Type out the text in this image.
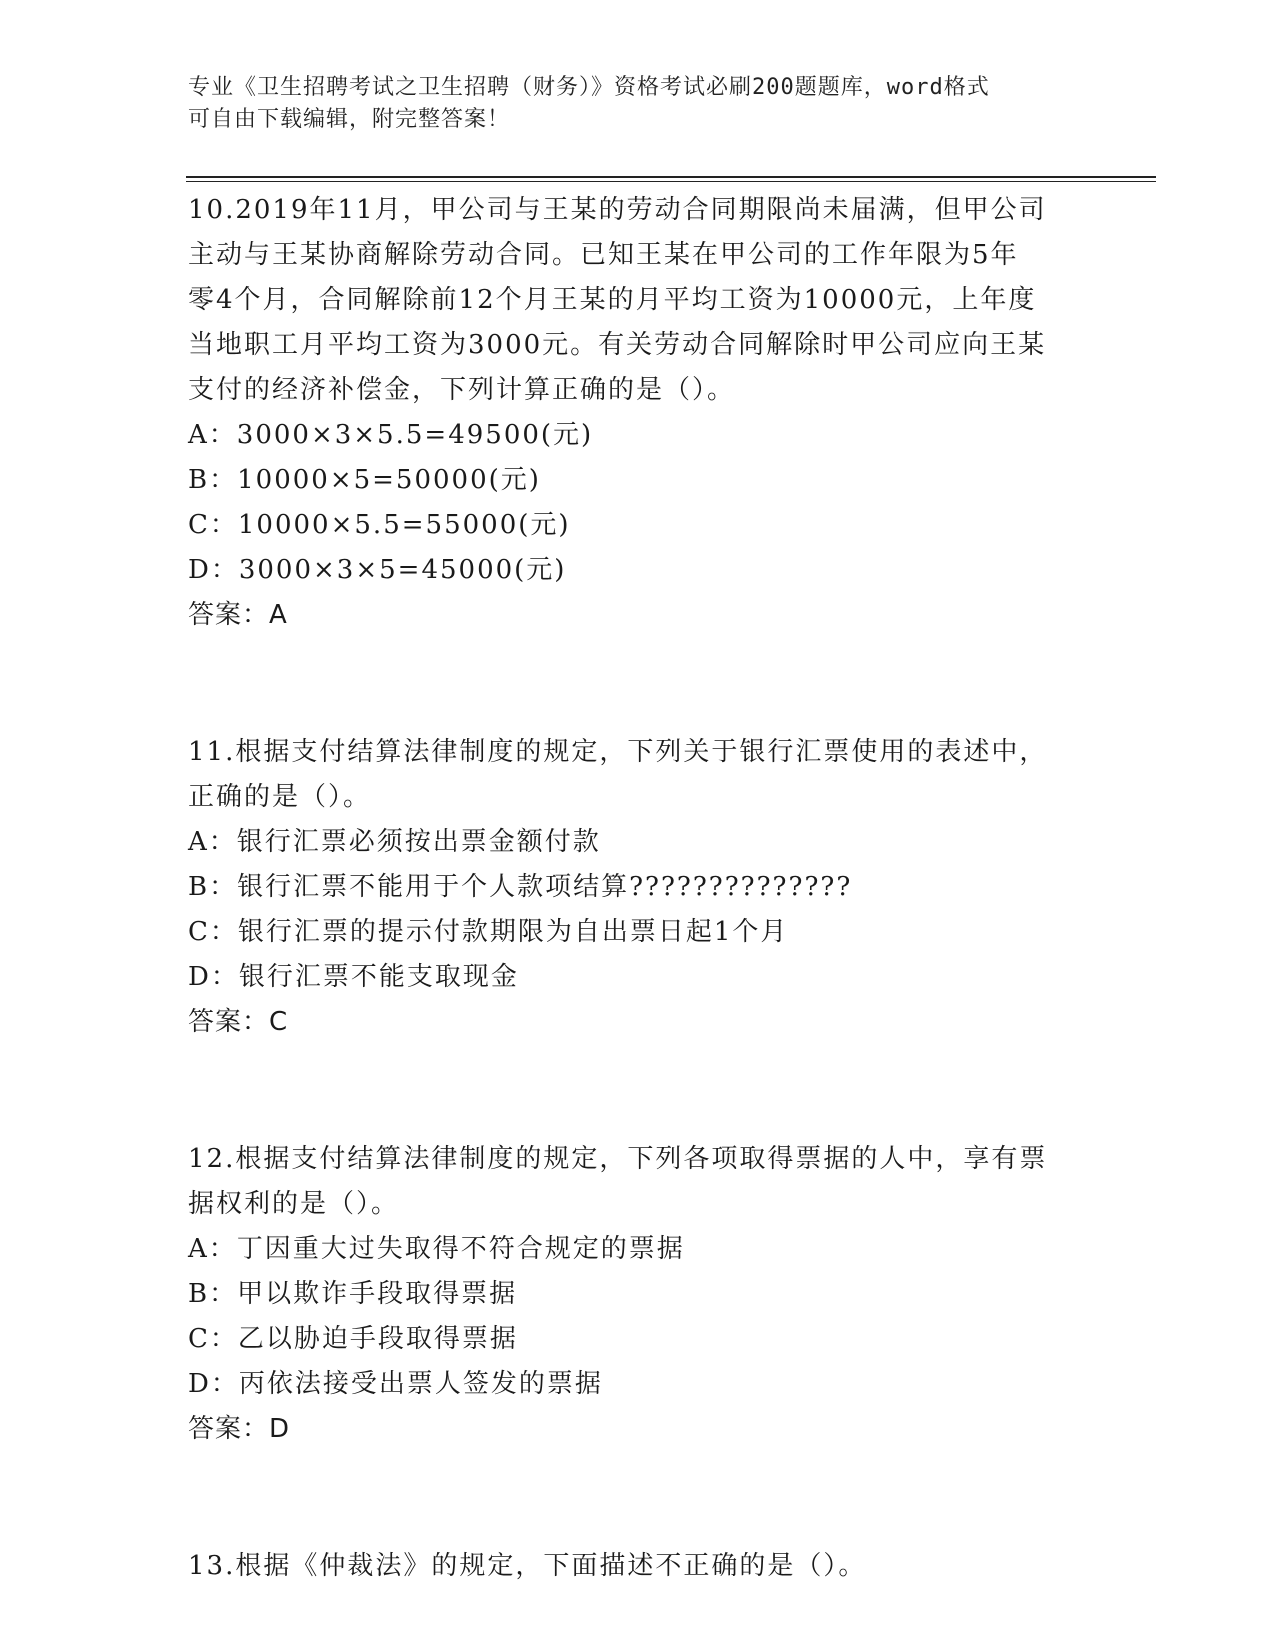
专业《卫生招聘考试之卫生招聘（财务）》资格考试必刷200题题库，word格式
可自由下载编辑，附完整答案！
10.2019年11月，甲公司与王某的劳动合同期限尚未届满，但甲公司
主动与王某协商解除劳动合同。已知王某在甲公司的工作年限为5年
零4个月，合同解除前12个月王某的月平均工资为10000元，上年度
当地职工月平均工资为3000元。有关劳动合同解除时甲公司应向王某
支付的经济补偿金，下列计算正确的是（）。
A：3000×3×5.5=49500(元)
B：10000×5=50000(元)
C：10000×5.5=55000(元)
D：3000×3×5=45000(元)
答案：A
11.根据支付结算法律制度的规定，下列关于银行汇票使用的表述中，
正确的是（）。
A：银行汇票必须按出票金额付款
B：银行汇票不能用于个人款项结算??????????????
C：银行汇票的提示付款期限为自出票日起1个月
D：银行汇票不能支取现金
答案：C
12.根据支付结算法律制度的规定，下列各项取得票据的人中，享有票
据权利的是（）。
A：丁因重大过失取得不符合规定的票据
B：甲以欺诈手段取得票据
C：乙以胁迫手段取得票据
D：丙依法接受出票人签发的票据
答案：D
13.根据《仲裁法》的规定，下面描述不正确的是（）。
